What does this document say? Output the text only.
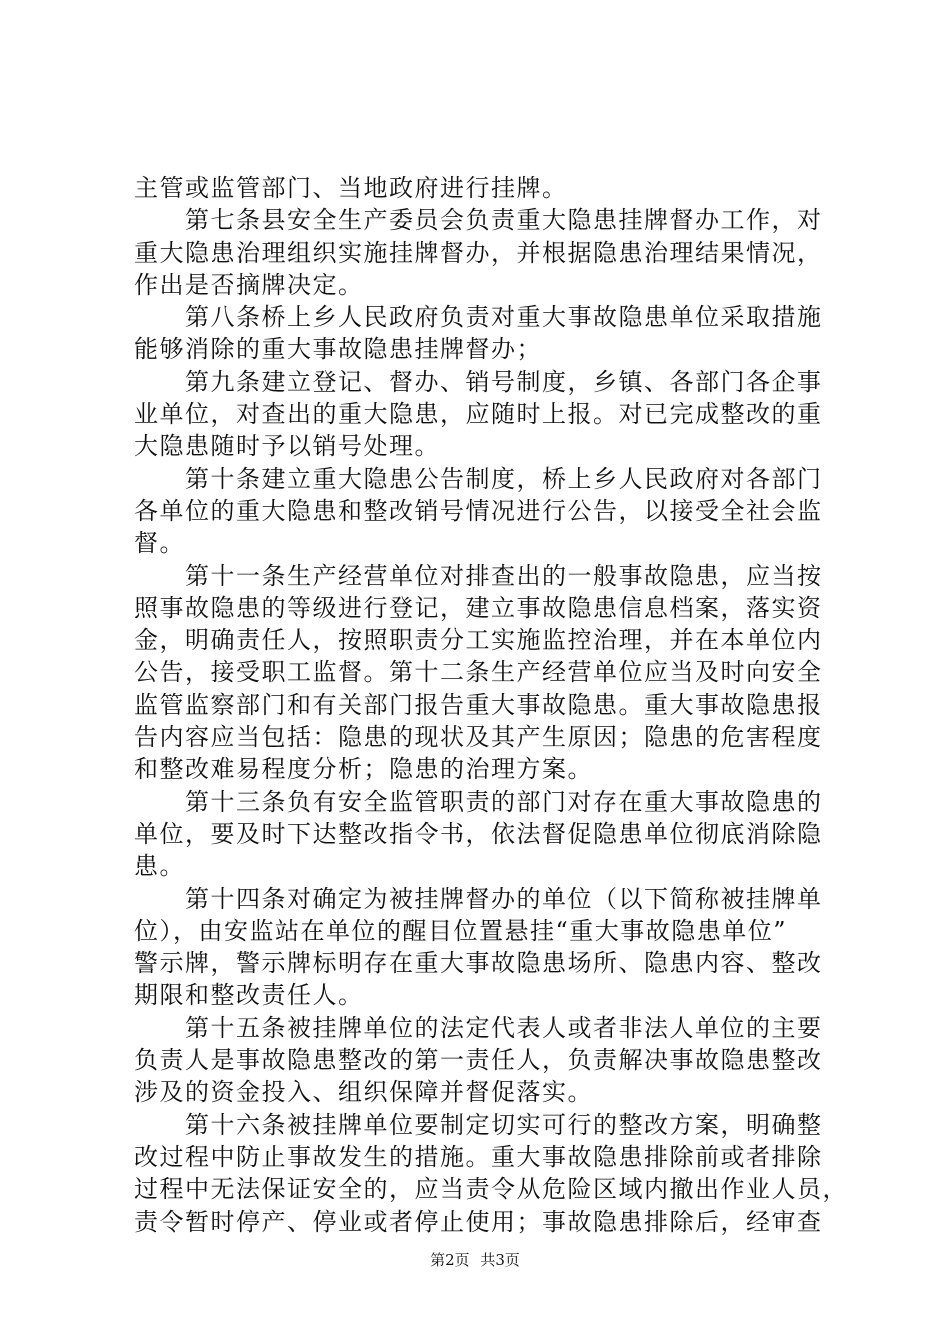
主管或监管部门、当地政府进行挂牌。
　　第七条县安全生产委员会负责重大隐患挂牌督办工作，对
重大隐患治理组织实施挂牌督办，并根据隐患治理结果情况，
作出是否摘牌决定。
　　第八条桥上乡人民政府负责对重大事故隐患单位采取措施
能够消除的重大事故隐患挂牌督办；
　　第九条建立登记、督办、销号制度，乡镇、各部门各企事
业单位，对查出的重大隐患，应随时上报。对已完成整改的重
大隐患随时予以销号处理。
　　第十条建立重大隐患公告制度，桥上乡人民政府对各部门
各单位的重大隐患和整改销号情况进行公告，以接受全社会监
督。
　　第十一条生产经营单位对排查出的一般事故隐患，应当按
照事故隐患的等级进行登记，建立事故隐患信息档案，落实资
金，明确责任人，按照职责分工实施监控治理，并在本单位内
公告，接受职工监督。第十二条生产经营单位应当及时向安全
监管监察部门和有关部门报告重大事故隐患。重大事故隐患报
告内容应当包括：隐患的现状及其产生原因；隐患的危害程度
和整改难易程度分析；隐患的治理方案。
　　第十三条负有安全监管职责的部门对存在重大事故隐患的
单位，要及时下达整改指令书，依法督促隐患单位彻底消除隐
患。
　　第十四条对确定为被挂牌督办的单位（以下简称被挂牌单
位），由安监站在单位的醒目位置悬挂“重大事故隐患单位”
警示牌，警示牌标明存在重大事故隐患场所、隐患内容、整改
期限和整改责任人。
　　第十五条被挂牌单位的法定代表人或者非法人单位的主要
负责人是事故隐患整改的第一责任人，负责解决事故隐患整改
涉及的资金投入、组织保障并督促落实。
　　第十六条被挂牌单位要制定切实可行的整改方案，明确整
改过程中防止事故发生的措施。重大事故隐患排除前或者排除
过程中无法保证安全的，应当责令从危险区域内撤出作业人员，
责令暂时停产、停业或者停止使用；事故隐患排除后，经审查
第2页 共3页
